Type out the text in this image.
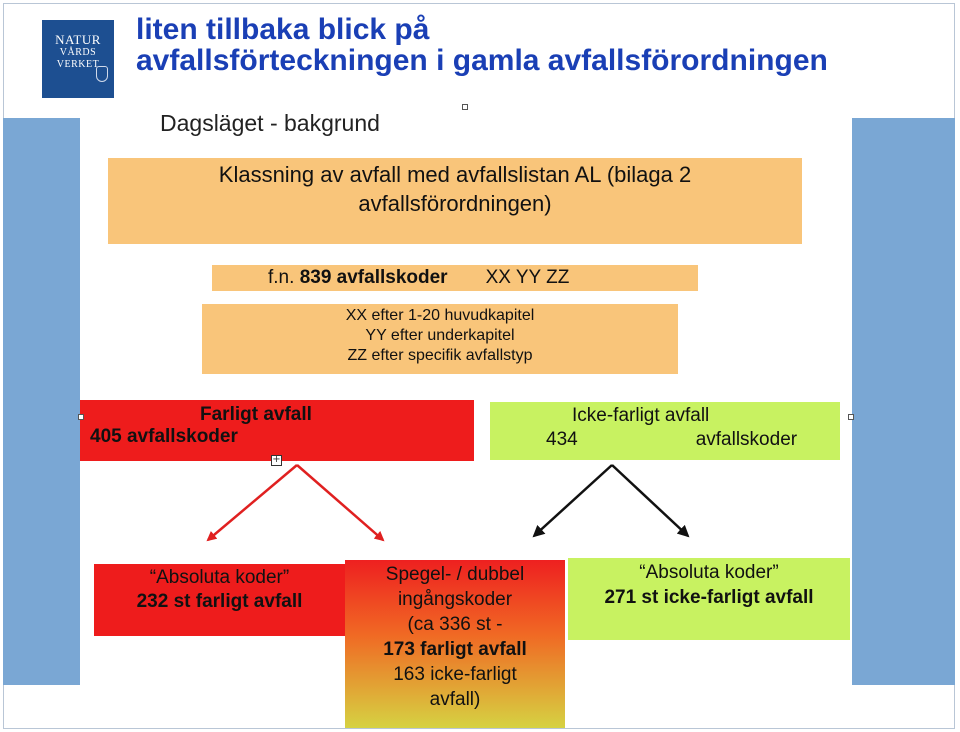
NATUR
VÅRDS
VERKET
liten tillbaka blick på
avfallsförteckningen i gamla avfallsförordningen
Dagsläget - bakgrund
Klassning av avfall med avfallslistan AL (bilaga 2
avfallsförordningen)
f.n. 839 avfallskoder XX YY ZZ
XX efter 1-20 huvudkapitel
YY efter underkapitel
ZZ efter specifik avfallstyp
Farligt avfall
405 avfallskoder
Icke-farligt avfall
434	avfallskoder
“Absoluta koder”
232 st farligt avfall
Spegel- / dubbel
ingångskoder
(ca 336 st -
173 farligt avfall
163 icke-farligt
avfall)
“Absoluta koder”
271 st icke-farligt avfall
+
